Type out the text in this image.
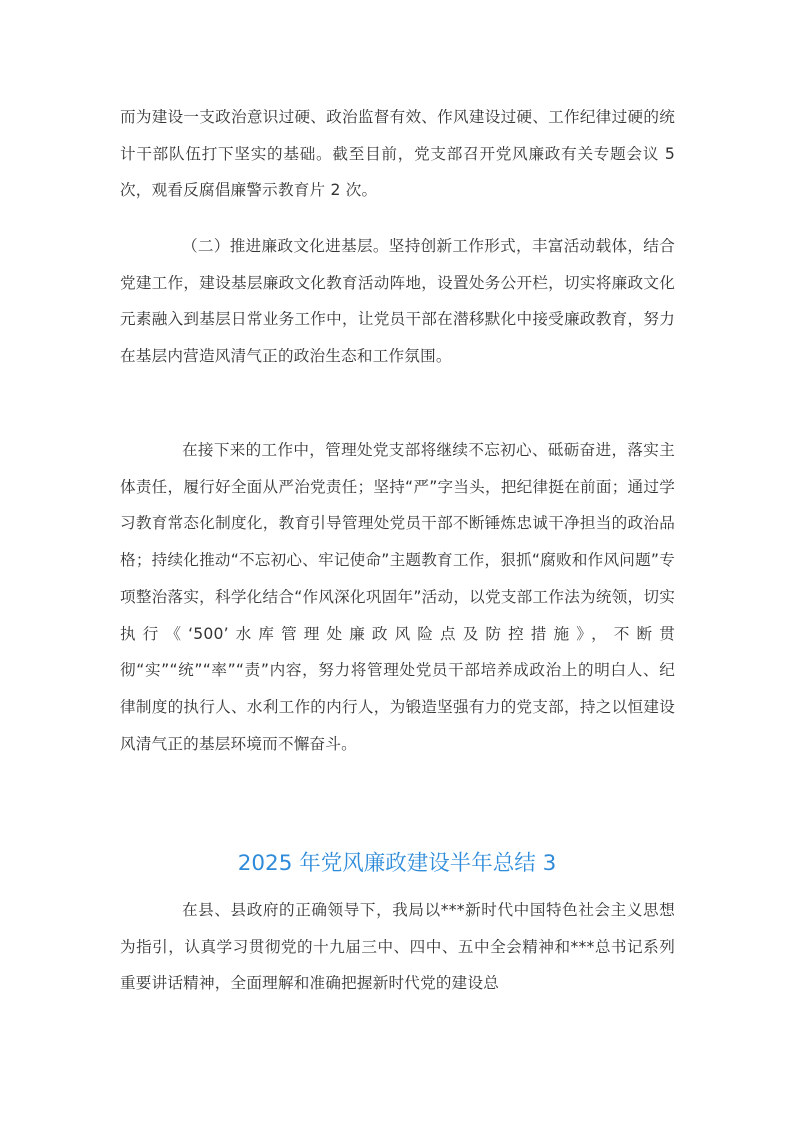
而为建设一支政治意识过硬、政治监督有效、作风建设过硬、工作纪律过硬的统计干部队伍打下坚实的基础。截至目前，党支部召开党风廉政有关专题会议 5 次，观看反腐倡廉警示教育片 2 次。

（二）推进廉政文化进基层。坚持创新工作形式，丰富活动载体，结合党建工作，建设基层廉政文化教育活动阵地，设置处务公开栏，切实将廉政文化元素融入到基层日常业务工作中，让党员干部在潜移默化中接受廉政教育，努力在基层内营造风清气正的政治生态和工作氛围。

在接下来的工作中，管理处党支部将继续不忘初心、砥砺奋进，落实主体责任，履行好全面从严治党责任；坚持“严”字当头，把纪律挺在前面；通过学习教育常态化制度化，教育引导管理处党员干部不断锤炼忠诚干净担当的政治品格；持续化推动“不忘初心、牢记使命”主题教育工作，狠抓“腐败和作风问题”专项整治落实，科学化结合“作风深化巩固年”活动，以党支部工作法为统领，切实执行《‘500’水库管理处廉政风险点及防控措施》，不断贯彻“实”“统”“率”“责”内容，努力将管理处党员干部培养成政治上的明白人、纪律制度的执行人、水利工作的内行人，为锻造坚强有力的党支部，持之以恒建设风清气正的基层环境而不懈奋斗。

2025 年党风廉政建设半年总结 3

在县、县政府的正确领导下，我局以***新时代中国特色社会主义思想为指引，认真学习贯彻党的十九届三中、四中、五中全会精神和***总书记系列重要讲话精神，全面理解和准确把握新时代党的建设总
